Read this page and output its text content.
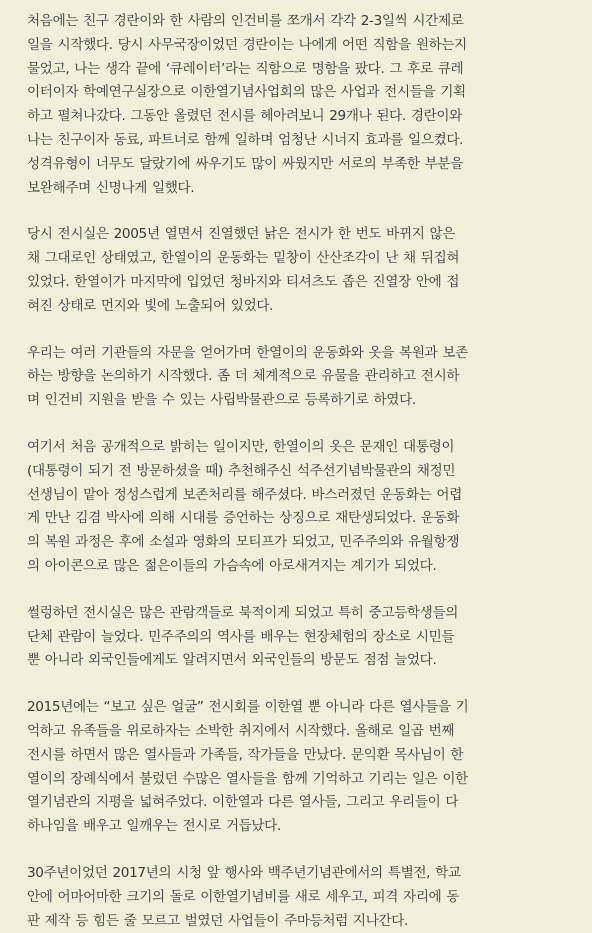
처음에는 친구 경란이와 한 사람의 인건비를 쪼개서 각각 2-3일씩 시간제로
일을 시작했다. 당시 사무국장이었던 경란이는 나에게 어떤 직함을 원하는지
물었고, 나는 생각 끝에 ‘큐레이터’라는 직함으로 명함을 팠다. 그 후로 큐레
이터이자 학예연구실장으로 이한열기념사업회의 많은 사업과 전시들을 기획
하고 펼쳐나갔다. 그동안 올렸던 전시를 헤아려보니 29개나 된다. 경란이와
나는 친구이자 동료, 파트너로 함께 일하며 엄청난 시너지 효과를 일으켰다.
성격유형이 너무도 달랐기에 싸우기도 많이 싸웠지만 서로의 부족한 부분을
보완해주며 신명나게 일했다.
당시 전시실은 2005년 열면서 진열했던 낡은 전시가 한 번도 바뀌지 않은
채 그대로인 상태였고, 한열이의 운동화는 밑창이 산산조각이 난 채 뒤집혀
있었다. 한열이가 마지막에 입었던 청바지와 티셔츠도 좁은 진열장 안에 접
혀진 상태로 먼지와 빛에 노출되어 있었다.
우리는 여러 기관들의 자문을 얻어가며 한열이의 운동화와 옷을 복원과 보존
하는 방향을 논의하기 시작했다. 좀 더 체계적으로 유물을 관리하고 전시하
며 인건비 지원을 받을 수 있는 사립박물관으로 등록하기로 하였다.
여기서 처음 공개적으로 밝히는 일이지만, 한열이의 옷은 문재인 대통령이
(대통령이 되기 전 방문하셨을 때) 추천해주신 석주선기념박물관의 채정민
선생님이 맡아 정성스럽게 보존처리를 해주셨다. 바스러졌던 운동화는 어렵
게 만난 김겸 박사에 의해 시대를 증언하는 상징으로 재탄생되었다. 운동화
의 복원 과정은 후에 소설과 영화의 모티프가 되었고, 민주주의와 유월항쟁
의 아이콘으로 많은 젊은이들의 가슴속에 아로새겨지는 계기가 되었다.
썰렁하던 전시실은 많은 관람객들로 북적이게 되었고 특히 중고등학생들의
단체 관람이 늘었다. 민주주의의 역사를 배우는 현장체험의 장소로 시민들
뿐 아니라 외국인들에게도 알려지면서 외국인들의 방문도 점점 늘었다.
2015년에는 “보고 싶은 얼굴” 전시회를 이한열 뿐 아니라 다른 열사들을 기
억하고 유족들을 위로하자는 소박한 취지에서 시작했다. 올해로 일곱 번째
전시를 하면서 많은 열사들과 가족들, 작가들을 만났다. 문익환 목사님이 한
열이의 장례식에서 불렀던 수많은 열사들을 함께 기억하고 기리는 일은 이한
열기념관의 지평을 넓혀주었다. 이한열과 다른 열사들, 그리고 우리들이 다
하나임을 배우고 일깨우는 전시로 거듭났다.
30주년이었던 2017년의 시청 앞 행사와 백주년기념관에서의 특별전, 학교
안에 어마어마한 크기의 돌로 이한열기념비를 새로 세우고, 피격 자리에 동
판 제작 등 힘든 줄 모르고 벌였던 사업들이 주마등처럼 지나간다.
